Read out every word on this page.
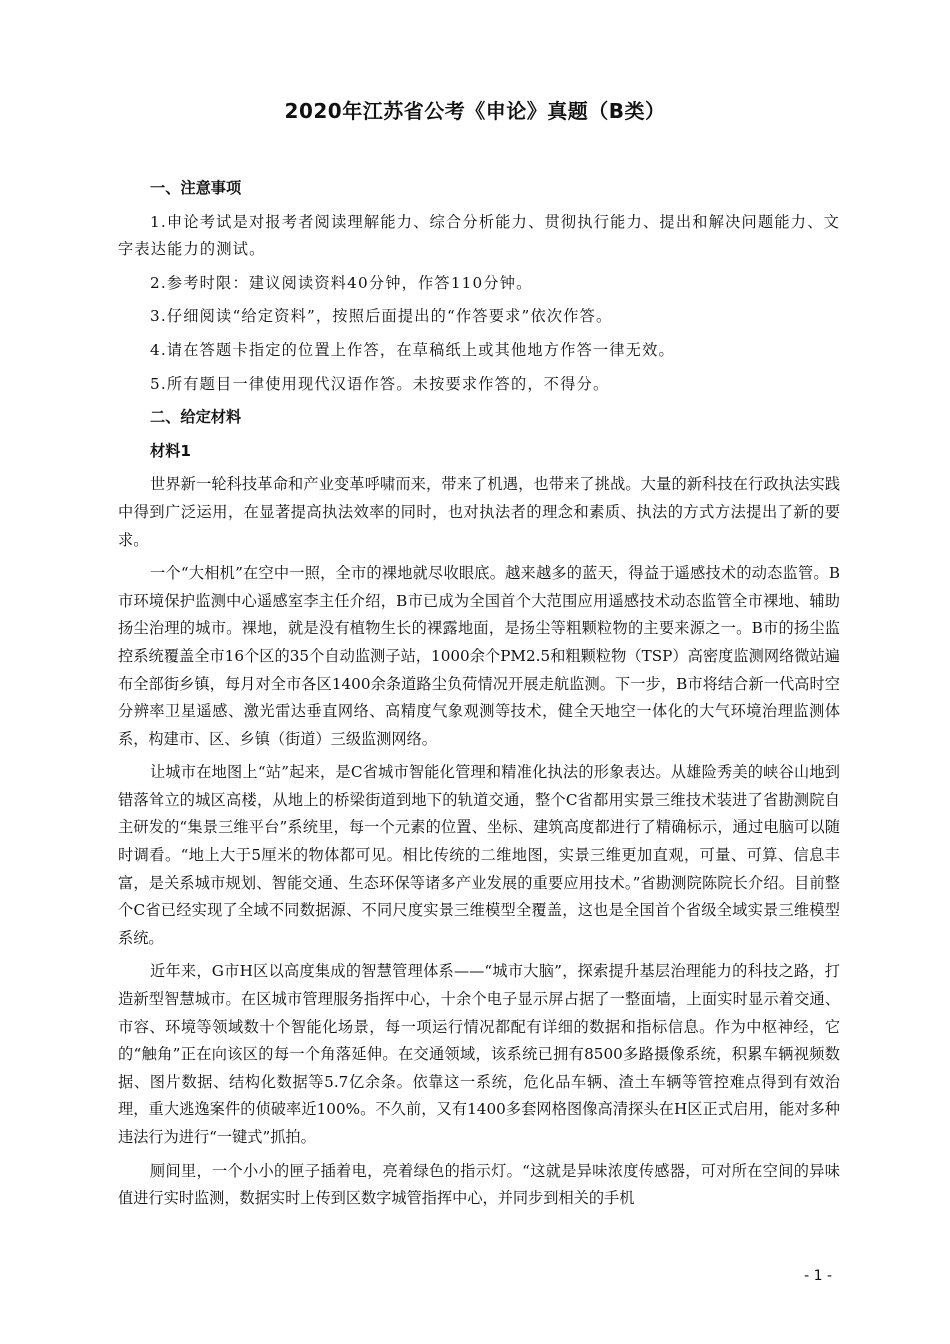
2020年江苏省公考《申论》真题（B类）
一、注意事项

1.申论考试是对报考者阅读理解能力、综合分析能力、贯彻执行能力、提出和解决问题能力、文字表达能力的测试。

2.参考时限：建议阅读资料40分钟，作答110分钟。

3.仔细阅读“给定资料”，按照后面提出的“作答要求”依次作答。

4.请在答题卡指定的位置上作答，在草稿纸上或其他地方作答一律无效。

5.所有题目一律使用现代汉语作答。未按要求作答的，不得分。

二、给定材料
材料1

世界新一轮科技革命和产业变革呼啸而来，带来了机遇，也带来了挑战。大量的新科技在行政执法实践中得到广泛运用，在显著提高执法效率的同时，也对执法者的理念和素质、执法的方式方法提出了新的要求。

一个“大相机”在空中一照，全市的裸地就尽收眼底。越来越多的蓝天，得益于遥感技术的动态监管。B市环境保护监测中心遥感室李主任介绍，B市已成为全国首个大范围应用遥感技术动态监管全市裸地、辅助扬尘治理的城市。裸地，就是没有植物生长的裸露地面，是扬尘等粗颗粒物的主要来源之一。B市的扬尘监控系统覆盖全市16个区的35个自动监测子站，1000余个PM2.5和粗颗粒物（TSP）高密度监测网络微站遍布全部街乡镇，每月对全市各区1400余条道路尘负荷情况开展走航监测。下一步，B市将结合新一代高时空分辨率卫星遥感、激光雷达垂直网络、高精度气象观测等技术，健全天地空一体化的大气环境治理监测体系，构建市、区、乡镇（街道）三级监测网络。

让城市在地图上“站”起来，是C省城市智能化管理和精准化执法的形象表达。从雄险秀美的峡谷山地到错落耸立的城区高楼，从地上的桥梁街道到地下的轨道交通，整个C省都用实景三维技术装进了省勘测院自主研发的“集景三维平台”系统里，每一个元素的位置、坐标、建筑高度都进行了精确标示，通过电脑可以随时调看。“地上大于5厘米的物体都可见。相比传统的二维地图，实景三维更加直观，可量、可算、信息丰富，是关系城市规划、智能交通、生态环保等诸多产业发展的重要应用技术。”省勘测院陈院长介绍。目前整个C省已经实现了全域不同数据源、不同尺度实景三维模型全覆盖，这也是全国首个省级全域实景三维模型系统。

近年来，G市H区以高度集成的智慧管理体系——“城市大脑”，探索提升基层治理能力的科技之路，打造新型智慧城市。在区城市管理服务指挥中心，十余个电子显示屏占据了一整面墙，上面实时显示着交通、市容、环境等领域数十个智能化场景，每一项运行情况都配有详细的数据和指标信息。作为中枢神经，它的“触角”正在向该区的每一个角落延伸。在交通领域，该系统已拥有8500多路摄像系统，积累车辆视频数据、图片数据、结构化数据等5.7亿余条。依靠这一系统，危化品车辆、渣土车辆等管控难点得到有效治理，重大逃逸案件的侦破率近100%。不久前，又有1400多套网格图像高清探头在H区正式启用，能对多种违法行为进行“一键式”抓拍。

厕间里，一个小小的匣子插着电，亮着绿色的指示灯。“这就是异味浓度传感器，可对所在空间的异味值进行实时监测，数据实时上传到区数字城管指挥中心，并同步到相关的手机

- 1 -
